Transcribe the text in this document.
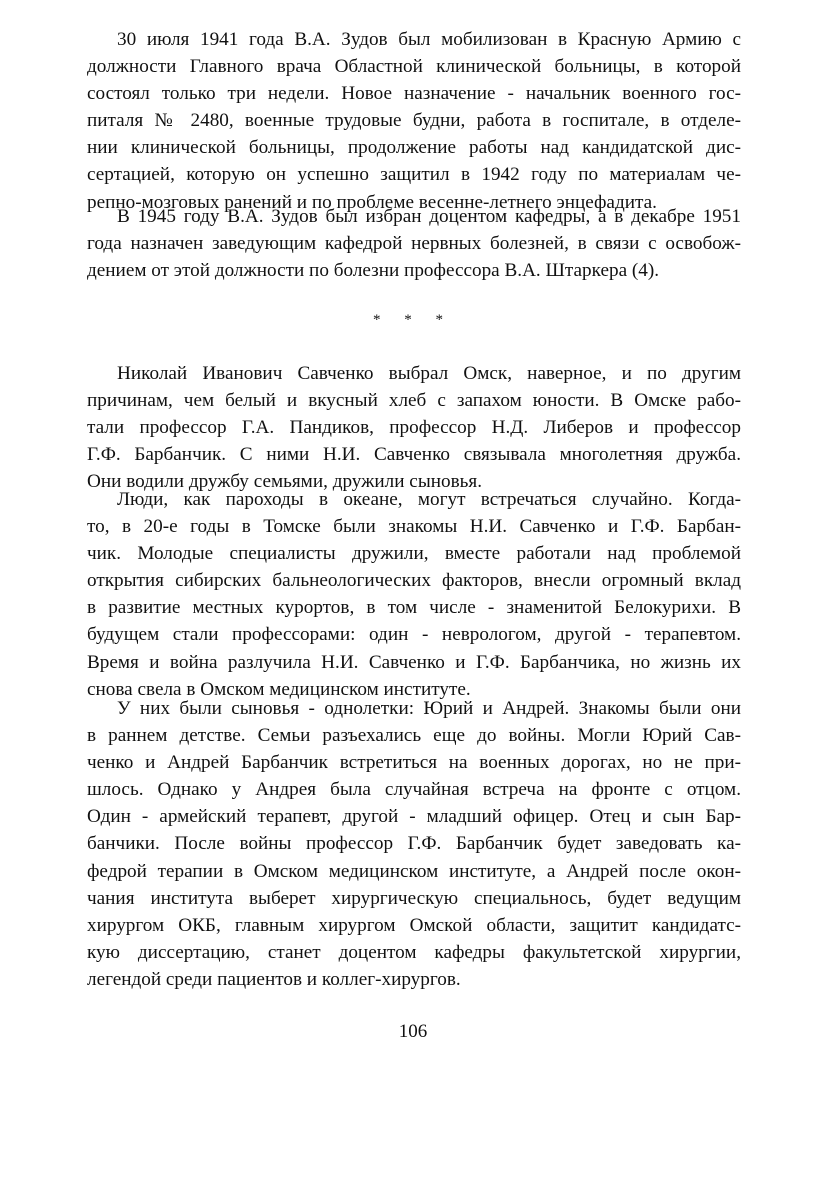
30 июля 1941 года В.А. Зудов был мобилизован в Красную Армию с
должности Главного врача Областной клинической больницы, в которой
состоял только три недели. Новое назначение - начальник военного гос-
питаля № 2480, военные трудовые будни, работа в госпитале, в отделе-
нии клинической больницы, продолжение работы над кандидатской дис-
сертацией, которую он успешно защитил в 1942 году по материалам че-
репно-мозговых ранений и по проблеме весенне-летнего энцефадита.
В 1945 году В.А. Зудов был избран доцентом кафедры, а в декабре 1951
года назначен заведующим кафедрой нервных болезней, в связи с освобож-
дением от этой должности по болезни профессора В.А. Штаркера (4).
* * *
Николай Иванович Савченко выбрал Омск, наверное, и по другим
причинам, чем белый и вкусный хлеб с запахом юности. В Омске рабо-
тали профессор Г.А. Пандиков, профессор Н.Д. Либеров и профессор
Г.Ф. Барбанчик. С ними Н.И. Савченко связывала многолетняя дружба.
Они водили дружбу семьями, дружили сыновья.
Люди, как пароходы в океане, могут встречаться случайно. Когда-
то, в 20-е годы в Томске были знакомы Н.И. Савченко и Г.Ф. Барбан-
чик. Молодые специалисты дружили, вместе работали над проблемой
открытия сибирских бальнеологических факторов, внесли огромный вклад
в развитие местных курортов, в том числе - знаменитой Белокурихи. В
будущем стали профессорами: один - неврологом, другой - терапевтом.
Время и война разлучила Н.И. Савченко и Г.Ф. Барбанчика, но жизнь их
снова свела в Омском медицинском институте.
У них были сыновья - однолетки: Юрий и Андрей. Знакомы были они
в раннем детстве. Семьи разъехались еще до войны. Могли Юрий Сав-
ченко и Андрей Барбанчик встретиться на военных дорогах, но не при-
шлось. Однако у Андрея была случайная встреча на фронте с отцом.
Один - армейский терапевт, другой - младший офицер. Отец и сын Бар-
банчики. После войны профессор Г.Ф. Барбанчик будет заведовать ка-
федрой терапии в Омском медицинском институте, а Андрей после окон-
чания института выберет хирургическую специальнось, будет ведущим
хирургом ОКБ, главным хирургом Омской области, защитит кандидатс-
кую диссертацию, станет доцентом кафедры факультетской хирургии,
легендой среди пациентов и коллег-хирургов.
106
